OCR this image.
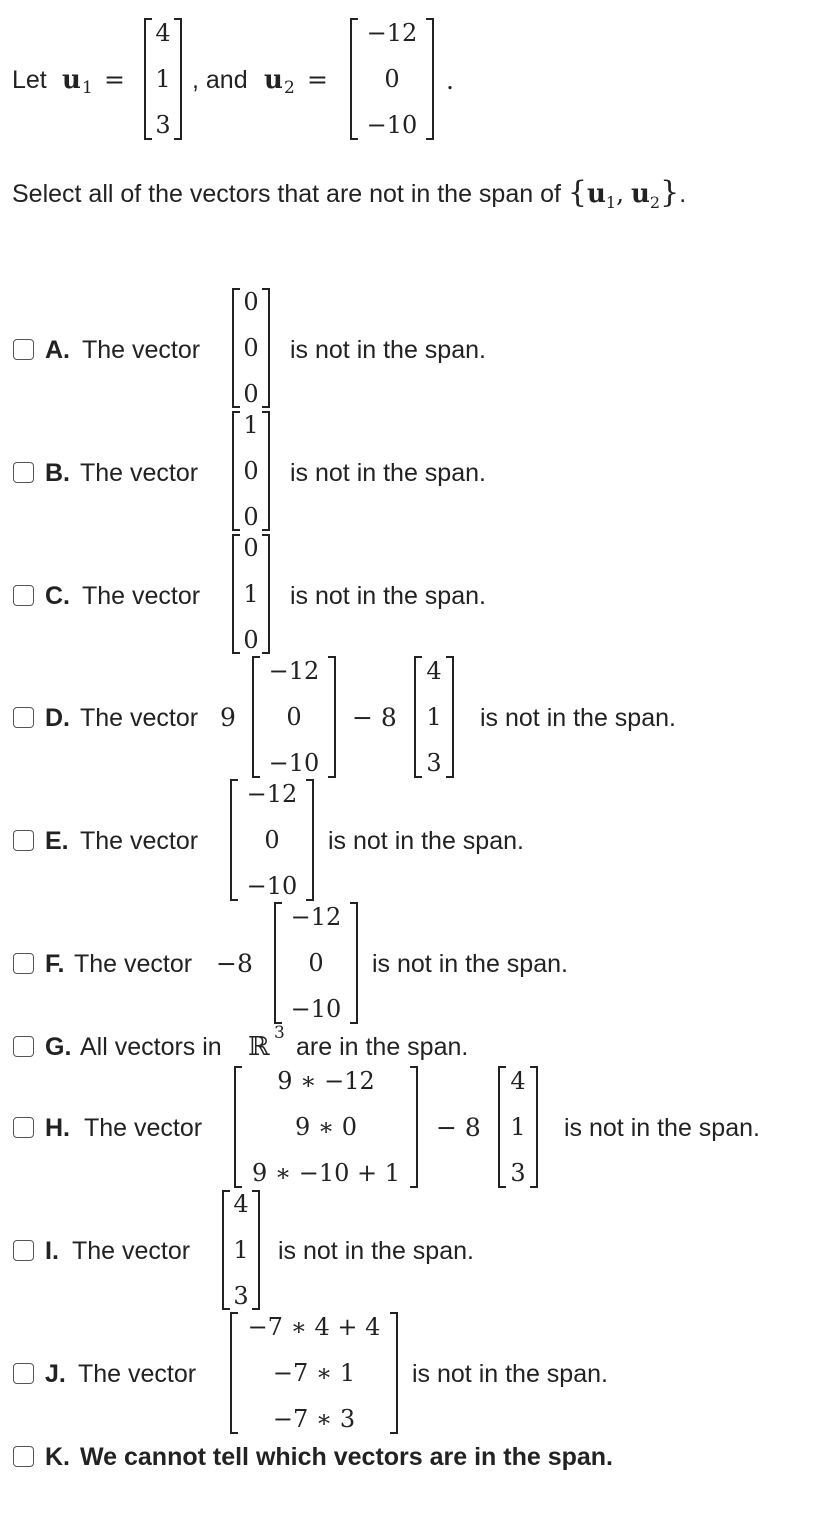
Let u 1 =
4
1
3
, and u 2 =
−12
0
−10
.
Select all of the vectors that are not in the span of {$u_1$, $u_2$}.
A. The vector
0
0
0
is not in the span.
B. The vector
1
0
0
is not in the span.
C. The vector
0
1
0
is not in the span.
D. The vector 9
−12
0
−10
− 8
4
1
3
is not in the span.
E. The vector
−12
0
−10
is not in the span.
F. The vector −8
−12
0
−10
is not in the span.
G. All vectors in ℝ 3 are in the span.
H. The vector
9 ∗ −12
9 ∗ 0
9 ∗ −10 + 1
− 8
4
1
3
is not in the span.
I. The vector
4
1
3
is not in the span.
J. The vector
−7 ∗ 4 + 4
−7 ∗ 1
−7 ∗ 3
is not in the span.
K. We cannot tell which vectors are in the span.
